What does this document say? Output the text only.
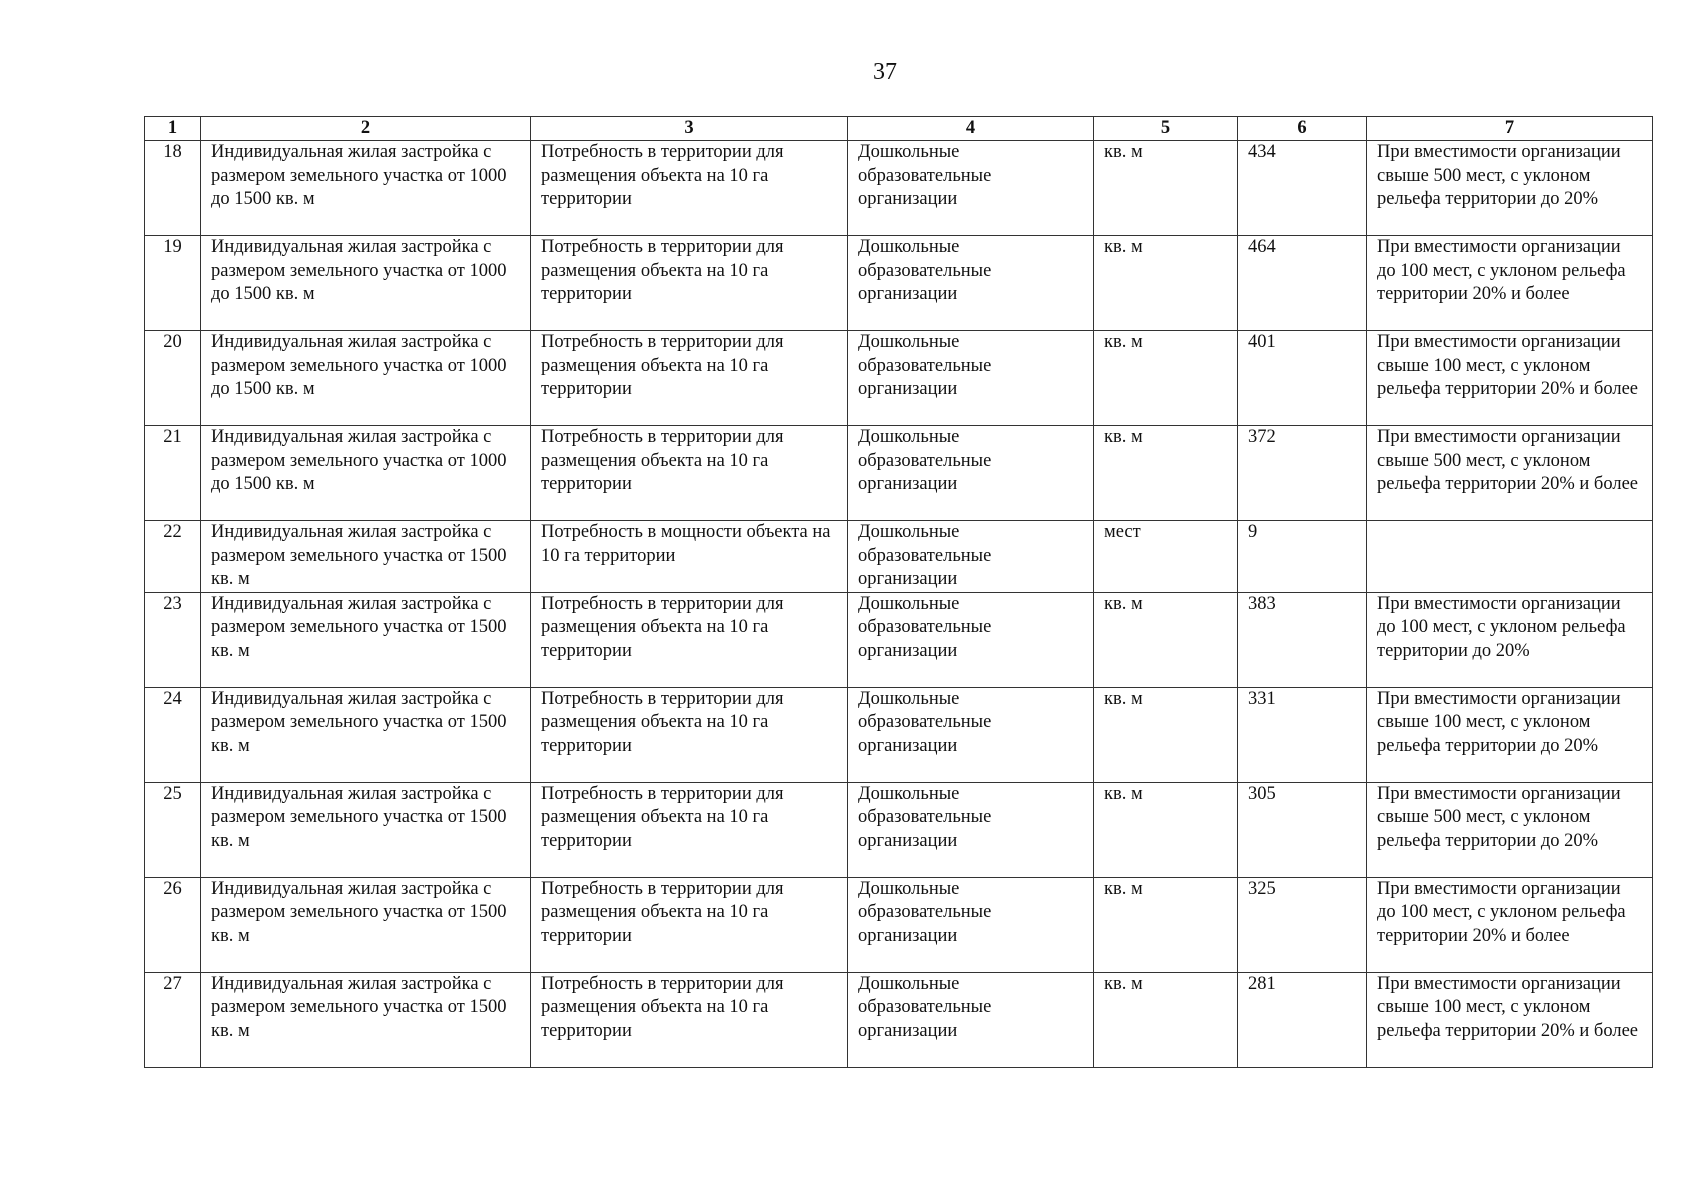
37
1	2	3	4	5	6	7
18	Индивидуальная жилая застройка с размером земельного участка от 1000 до 1500 кв. м	Потребность в территории для размещения объекта на 10 га территории	Дошкольные образовательные организации	кв. м	434	При вместимости организации свыше 500 мест, с уклоном рельефа территории до 20%
19	Индивидуальная жилая застройка с размером земельного участка от 1000 до 1500 кв. м	Потребность в территории для размещения объекта на 10 га территории	Дошкольные образовательные организации	кв. м	464	При вместимости организации до 100 мест, с уклоном рельефа территории 20% и более
20	Индивидуальная жилая застройка с размером земельного участка от 1000 до 1500 кв. м	Потребность в территории для размещения объекта на 10 га территории	Дошкольные образовательные организации	кв. м	401	При вместимости организации свыше 100 мест, с уклоном рельефа территории 20% и более
21	Индивидуальная жилая застройка с размером земельного участка от 1000 до 1500 кв. м	Потребность в территории для размещения объекта на 10 га территории	Дошкольные образовательные организации	кв. м	372	При вместимости организации свыше 500 мест, с уклоном рельефа территории 20% и более
22	Индивидуальная жилая застройка с размером земельного участка от 1500 кв. м	Потребность в мощности объекта на 10 га территории	Дошкольные образовательные организации	мест	9	
23	Индивидуальная жилая застройка с размером земельного участка от 1500 кв. м	Потребность в территории для размещения объекта на 10 га территории	Дошкольные образовательные организации	кв. м	383	При вместимости организации до 100 мест, с уклоном рельефа территории до 20%
24	Индивидуальная жилая застройка с размером земельного участка от 1500 кв. м	Потребность в территории для размещения объекта на 10 га территории	Дошкольные образовательные организации	кв. м	331	При вместимости организации свыше 100 мест, с уклоном рельефа территории до 20%
25	Индивидуальная жилая застройка с размером земельного участка от 1500 кв. м	Потребность в территории для размещения объекта на 10 га территории	Дошкольные образовательные организации	кв. м	305	При вместимости организации свыше 500 мест, с уклоном рельефа территории до 20%
26	Индивидуальная жилая застройка с размером земельного участка от 1500 кв. м	Потребность в территории для размещения объекта на 10 га территории	Дошкольные образовательные организации	кв. м	325	При вместимости организации до 100 мест, с уклоном рельефа территории 20% и более
27	Индивидуальная жилая застройка с размером земельного участка от 1500 кв. м	Потребность в территории для размещения объекта на 10 га территории	Дошкольные образовательные организации	кв. м	281	При вместимости организации свыше 100 мест, с уклоном рельефа территории 20% и более
